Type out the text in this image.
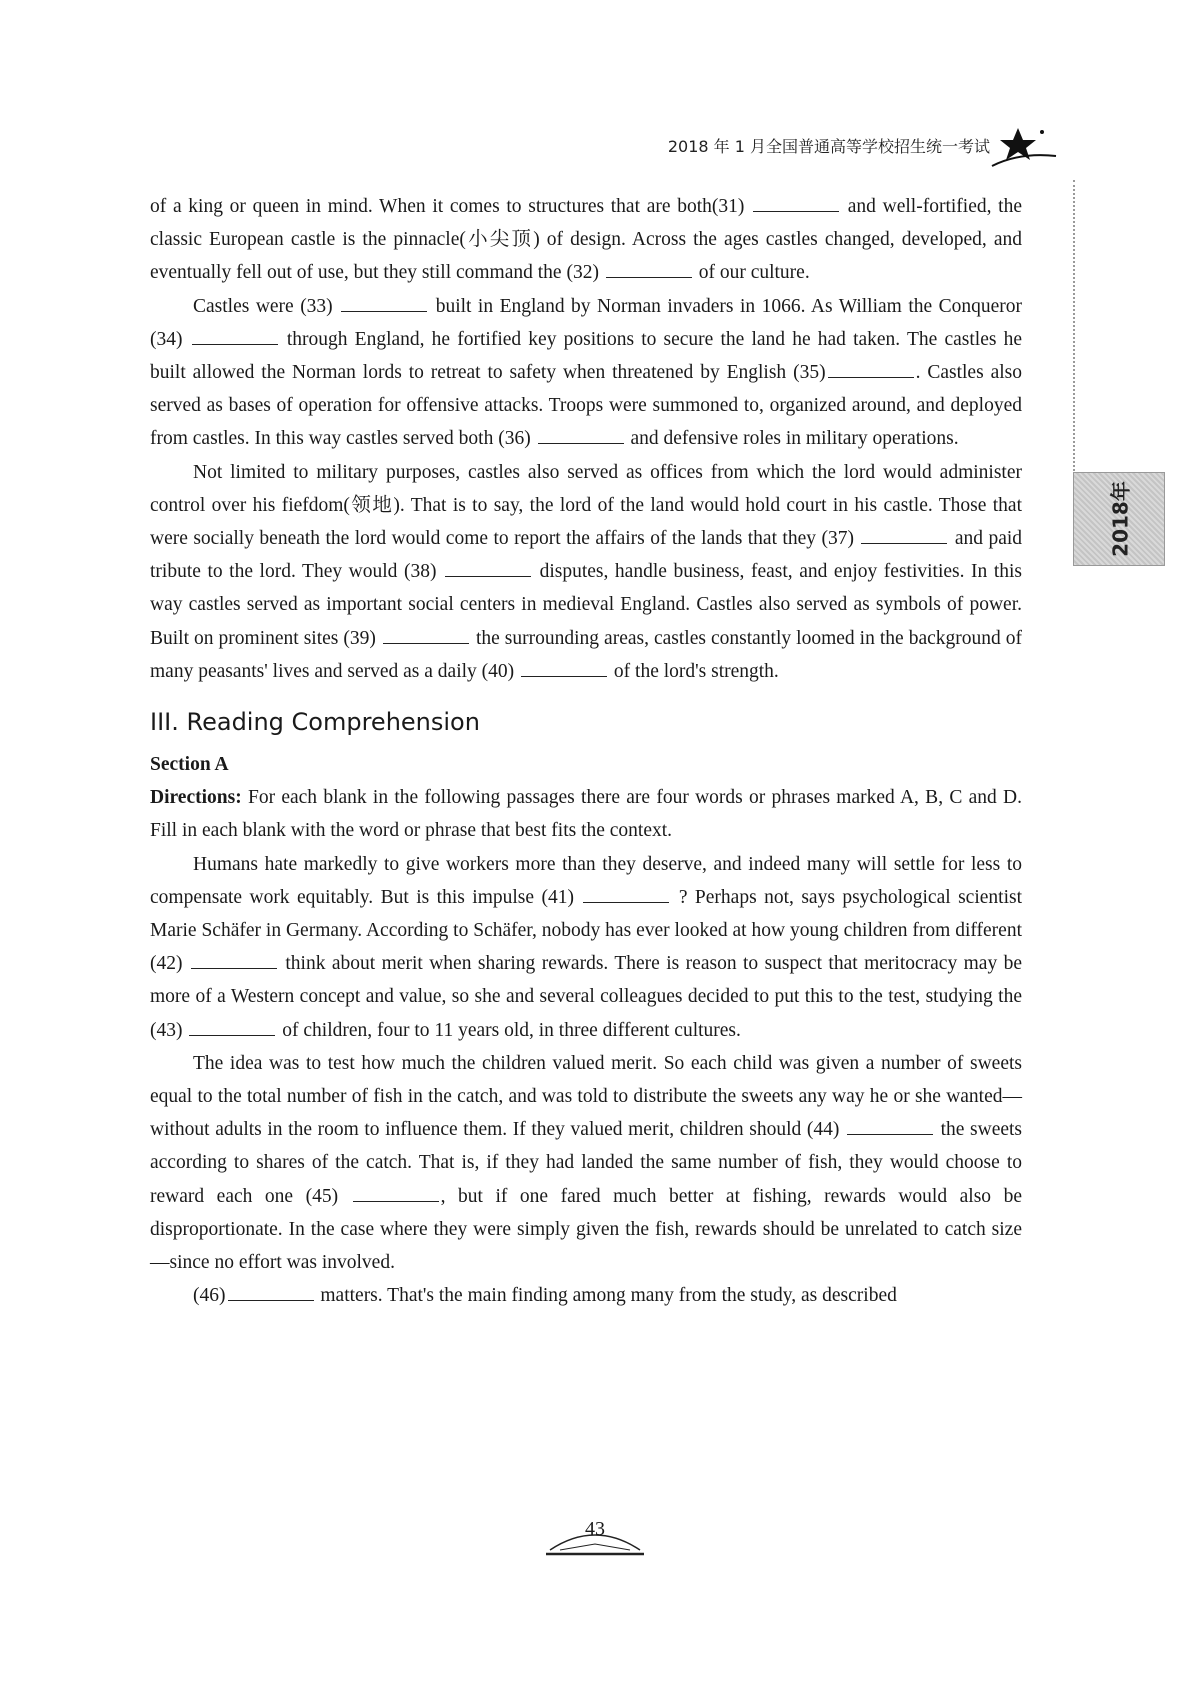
2018 年 1 月全国普通高等学校招生统一考试
2018年

of a king or queen in mind. When it comes to structures that are both(31)	and well-fortified, the classic European castle is the pinnacle(小尖顶) of design. Across the ages castles changed, developed, and eventually fell out of use, but they still command the (32)	of our culture.

Castles were (33)	built in England by Norman invaders in 1066. As William the Conqueror (34)	through England, he fortified key positions to secure the land he had taken. The castles he built allowed the Norman lords to retreat to safety when threatened by English (35)	. Castles also served as bases of operation for offensive attacks. Troops were summoned to, organized around, and deployed from castles. In this way castles served both (36)	and defensive roles in military operations.

Not limited to military purposes, castles also served as offices from which the lord would administer control over his fiefdom(领地). That is to say, the lord of the land would hold court in his castle. Those that were socially beneath the lord would come to report the affairs of the lands that they (37)	and paid tribute to the lord. They would (38)	disputes, handle business, feast, and enjoy festivities. In this way castles served as important social centers in medieval England. Castles also served as symbols of power. Built on prominent sites (39)	the surrounding areas, castles constantly loomed in the background of many peasants' lives and served as a daily (40)	of the lord's strength.

III. Reading Comprehension

Section A

Directions: For each blank in the following passages there are four words or phrases marked A, B, C and D. Fill in each blank with the word or phrase that best fits the context.

Humans hate markedly to give workers more than they deserve, and indeed many will settle for less to compensate work equitably. But is this impulse (41)	? Perhaps not, says psychological scientist Marie Schäfer in Germany. According to Schäfer, nobody has ever looked at how young children from different (42)	think about merit when sharing rewards. There is reason to suspect that meritocracy may be more of a Western concept and value, so she and several colleagues decided to put this to the test, studying the (43)	of children, four to 11 years old, in three different cultures.

The idea was to test how much the children valued merit. So each child was given a number of sweets equal to the total number of fish in the catch, and was told to distribute the sweets any way he or she wanted—without adults in the room to influence them. If they valued merit, children should (44)	the sweets according to shares of the catch. That is, if they had landed the same number of fish, they would choose to reward each one (45)	, but if one fared much better at fishing, rewards would also be disproportionate. In the case where they were simply given the fish, rewards should be unrelated to catch size—since no effort was involved.

(46)	matters. That's the main finding among many from the study, as described

43
